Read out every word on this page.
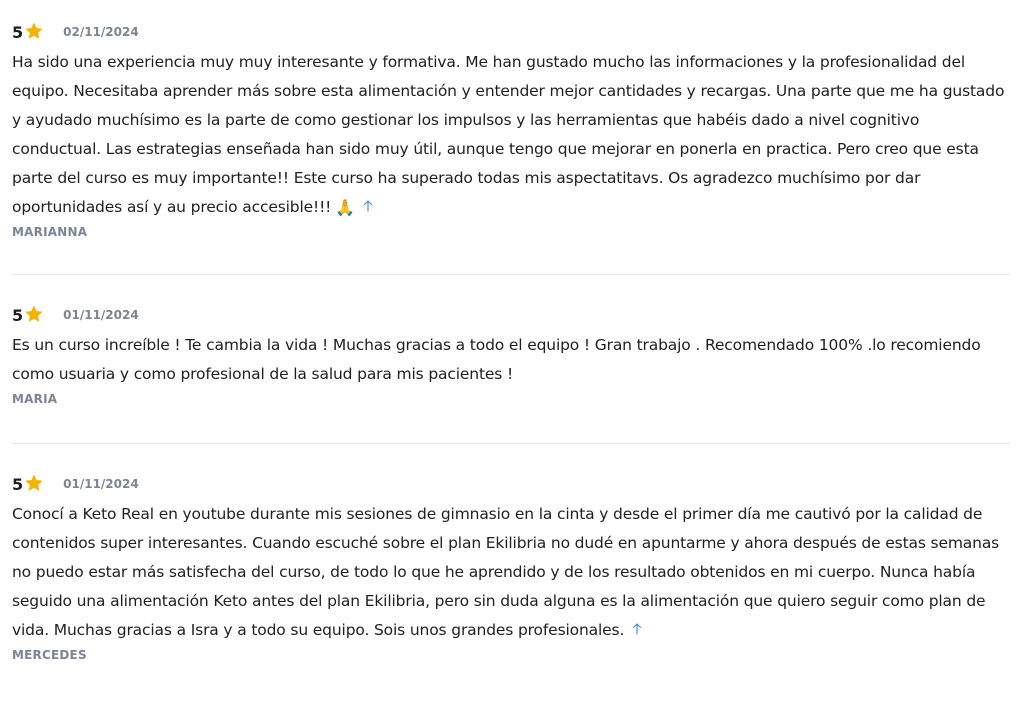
5	02/11/2024
Ha sido una experiencia muy muy interesante y formativa. Me han gustado mucho las informaciones y la profesionalidad del equipo. Necesitaba aprender más sobre esta alimentación y entender mejor cantidades y recargas. Una parte que me ha gustado y ayudado muchísimo es la parte de como gestionar los impulsos y las herramientas que habéis dado a nivel cognitivo conductual. Las estrategias enseñada han sido muy útil, aunque tengo que mejorar en ponerla en practica. Pero creo que esta parte del curso es muy importante!! Este curso ha superado todas mis aspectatitavs. Os agradezco muchísimo por dar oportunidades así y au precio accesible!!! 🙏
MARIANNA
5	01/11/2024
Es un curso increíble ! Te cambia la vida ! Muchas gracias a todo el equipo ! Gran trabajo . Recomendado 100% .lo recomiendo como usuaria y como profesional de la salud para mis pacientes !
MARIA
5	01/11/2024
Conocí a Keto Real en youtube durante mis sesiones de gimnasio en la cinta y desde el primer día me cautivó por la calidad de contenidos super interesantes. Cuando escuché sobre el plan Ekilibria no dudé en apuntarme y ahora después de estas semanas no puedo estar más satisfecha del curso, de todo lo que he aprendido y de los resultado obtenidos en mi cuerpo. Nunca había seguido una alimentación Keto antes del plan Ekilibria, pero sin duda alguna es la alimentación que quiero seguir como plan de vida. Muchas gracias a Isra y a todo su equipo. Sois unos grandes profesionales.
MERCEDES
